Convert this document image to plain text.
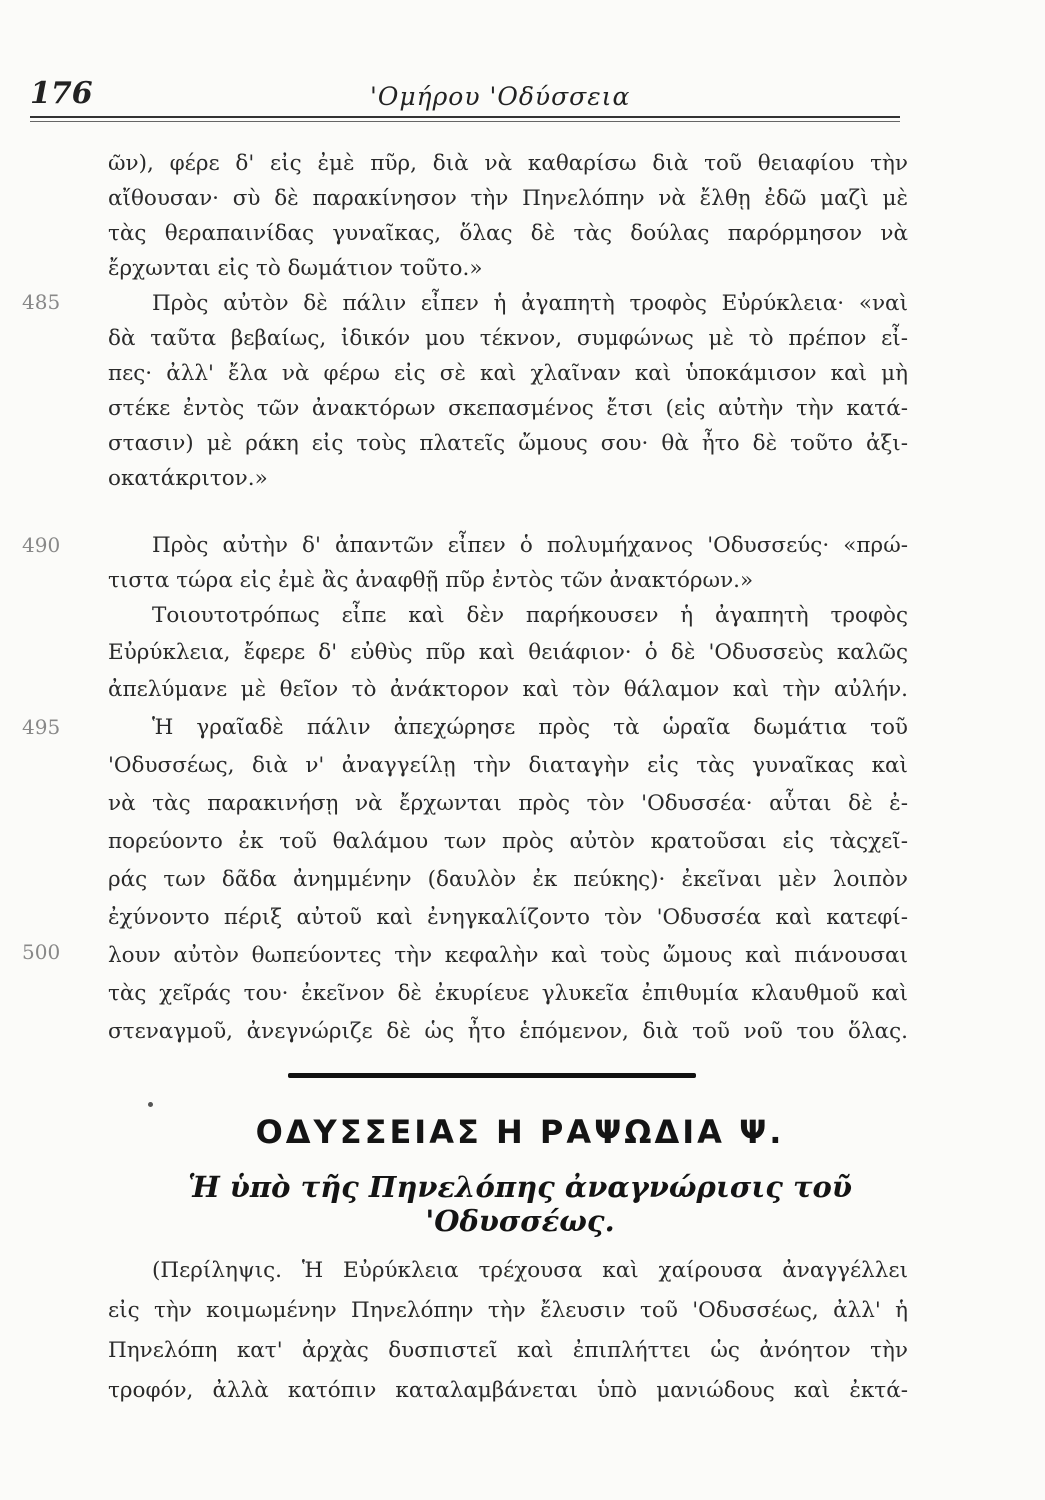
176	'Ομήρου 'Οδύσσεια
485
490
495
500
ῶν), φέρε δ' εἰς ἐμὲ πῦρ, διὰ νὰ καθαρίσω διὰ τοῦ θειαφίου τὴν
αἴθουσαν· σὺ δὲ παρακίνησον τὴν Πηνελόπην νὰ ἔλθῃ ἐδῶ μαζὶ μὲ
τὰς θεραπαινίδας γυναῖκας, ὅλας δὲ τὰς δούλας παρόρμησον νὰ
ἔρχωνται εἰς τὸ δωμάτιον τοῦτο.»
Πρὸς αὐτὸν δὲ πάλιν εἶπεν ἡ ἀγαπητὴ τροφὸς Εὐρύκλεια· «ναὶ
δὰ ταῦτα βεβαίως, ἰδικόν μου τέκνον, συμφώνως μὲ τὸ πρέπον εἶ-
πες· ἀλλ' ἔλα νὰ φέρω εἰς σὲ καὶ χλαῖναν καὶ ὑποκάμισον καὶ μὴ
στέκε ἐντὸς τῶν ἀνακτόρων σκεπασμένος ἔτσι (εἰς αὐτὴν τὴν κατά-
στασιν) μὲ ράκη εἰς τοὺς πλατεῖς ὤμους σου· θὰ ἦτο δὲ τοῦτο ἀξι-
οκατάκριτον.»
Πρὸς αὐτὴν δ' ἀπαντῶν εἶπεν ὁ πολυμήχανος 'Οδυσσεύς· «πρώ-
τιστα τώρα εἰς ἐμὲ ἂς ἀναφθῇ πῦρ ἐντὸς τῶν ἀνακτόρων.»
Τοιουτοτρόπως εἶπε καὶ δὲν παρήκουσεν ἡ ἀγαπητὴ τροφὸς
Εὐρύκλεια, ἔφερε δ' εὐθὺς πῦρ καὶ θειάφιον· ὁ δὲ 'Οδυσσεὺς καλῶς
ἀπελύμανε μὲ θεῖον τὸ ἀνάκτορον καὶ τὸν θάλαμον καὶ τὴν αὐλήν.
Ἡ γραῖαδὲ πάλιν ἀπεχώρησε πρὸς τὰ ὡραῖα δωμάτια τοῦ
'Οδυσσέως, διὰ ν' ἀναγγείλῃ τὴν διαταγὴν εἰς τὰς γυναῖκας καὶ
νὰ τὰς παρακινήσῃ νὰ ἔρχωνται πρὸς τὸν 'Οδυσσέα· αὗται δὲ ἐ-
πορεύοντο ἐκ τοῦ θαλάμου των πρὸς αὐτὸν κρατοῦσαι εἰς τὰςχεῖ-
ράς των δᾶδα ἀνημμένην (δαυλὸν ἐκ πεύκης)· ἐκεῖναι μὲν λοιπὸν
ἐχύνοντο πέριξ αὐτοῦ καὶ ἐνηγκαλίζοντο τὸν 'Οδυσσέα καὶ κατεφί-
λουν αὐτὸν θωπεύοντες τὴν κεφαλὴν καὶ τοὺς ὤμους καὶ πιάνουσαι
τὰς χεῖράς του· ἐκεῖνον δὲ ἐκυρίευε γλυκεῖα ἐπιθυμία κλαυθμοῦ καὶ
στεναγμοῦ, ἀνεγνώριζε δὲ ὡς ἦτο ἑπόμενον, διὰ τοῦ νοῦ του ὅλας.
ΟΔΥΣΣΕΙΑΣ Η ΡΑΨΩΔΙΑ Ψ.
Ἡ ὑπὸ τῆς Πηνελόπης ἀναγνώρισις τοῦ 'Οδυσσέως.
(Περίληψις. Ἡ Εὐρύκλεια τρέχουσα καὶ χαίρουσα ἀναγγέλλει
εἰς τὴν κοιμωμένην Πηνελόπην τὴν ἔλευσιν τοῦ 'Οδυσσέως, ἀλλ' ἡ
Πηνελόπη κατ' ἀρχὰς δυσπιστεῖ καὶ ἐπιπλήττει ὡς ἀνόητον τὴν
τροφόν, ἀλλὰ κατόπιν καταλαμβάνεται ὑπὸ μανιώδους καὶ ἐκτά-
